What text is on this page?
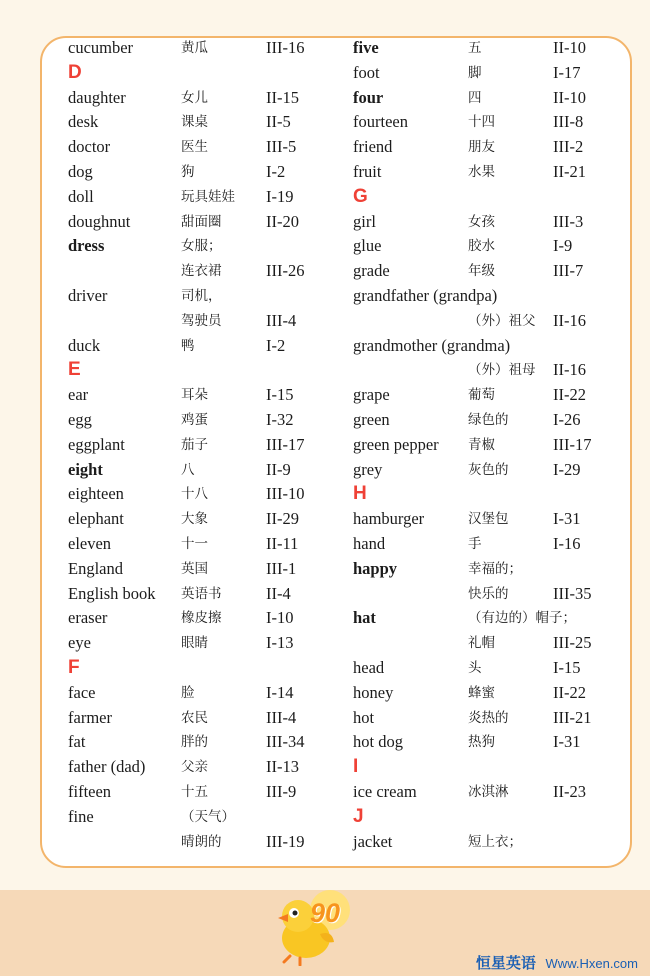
cucumber	黄瓜	III-16
D
daughter	女儿	II-15
desk	课桌	II-5
doctor	医生	III-5
dog	狗	I-2
doll	玩具娃娃 I-19
doughnut	甜面圈	II-20
dress	女服；
连衣裙	III-26
driver	司机，
驾驶员	III-4
duck	鸭	I-2
E
ear	耳朵	I-15
egg	鸡蛋	I-32
eggplant	茄子	III-17
eight	八	II-9
eighteen	十八	III-10
elephant	大象	II-29
eleven	十一	II-11
England	英国	III-1
English book 英语书	II-4
eraser	橡皮擦	I-10
eye	眼睛	I-13
F
face	脸	I-14
farmer	农民	III-4
fat	胖的	III-34
father (dad)	父亲	II-13
fifteen	十五	III-9
fine	（天气）
晴朗的	III-19
five	五	II-10
foot	脚	I-17
four	四	II-10
fourteen	十四	III-8
friend	朋友	III-2
fruit	水果	II-21
G
girl	女孩	III-3
glue	胶水	I-9
grade	年级	III-7
grandfather (grandpa)
（外）祖父 II-16
grandmother (grandma)
（外）祖母 II-16
grape	葡萄	II-22
green	绿色的	I-26
green pepper 青椒	III-17
grey	灰色的	I-29
H
hamburger	汉堡包	I-31
hand	手	I-16
happy	幸福的；
快乐的	III-35
hat	（有边的）帽子；
礼帽	III-25
head	头	I-15
honey	蜂蜜	II-22
hot	炎热的	III-21
hot dog	热狗	I-31
I
ice cream	冰淇淋	II-23
J
jacket	短上衣；
90
恒星英语 Www.Hxen.com
